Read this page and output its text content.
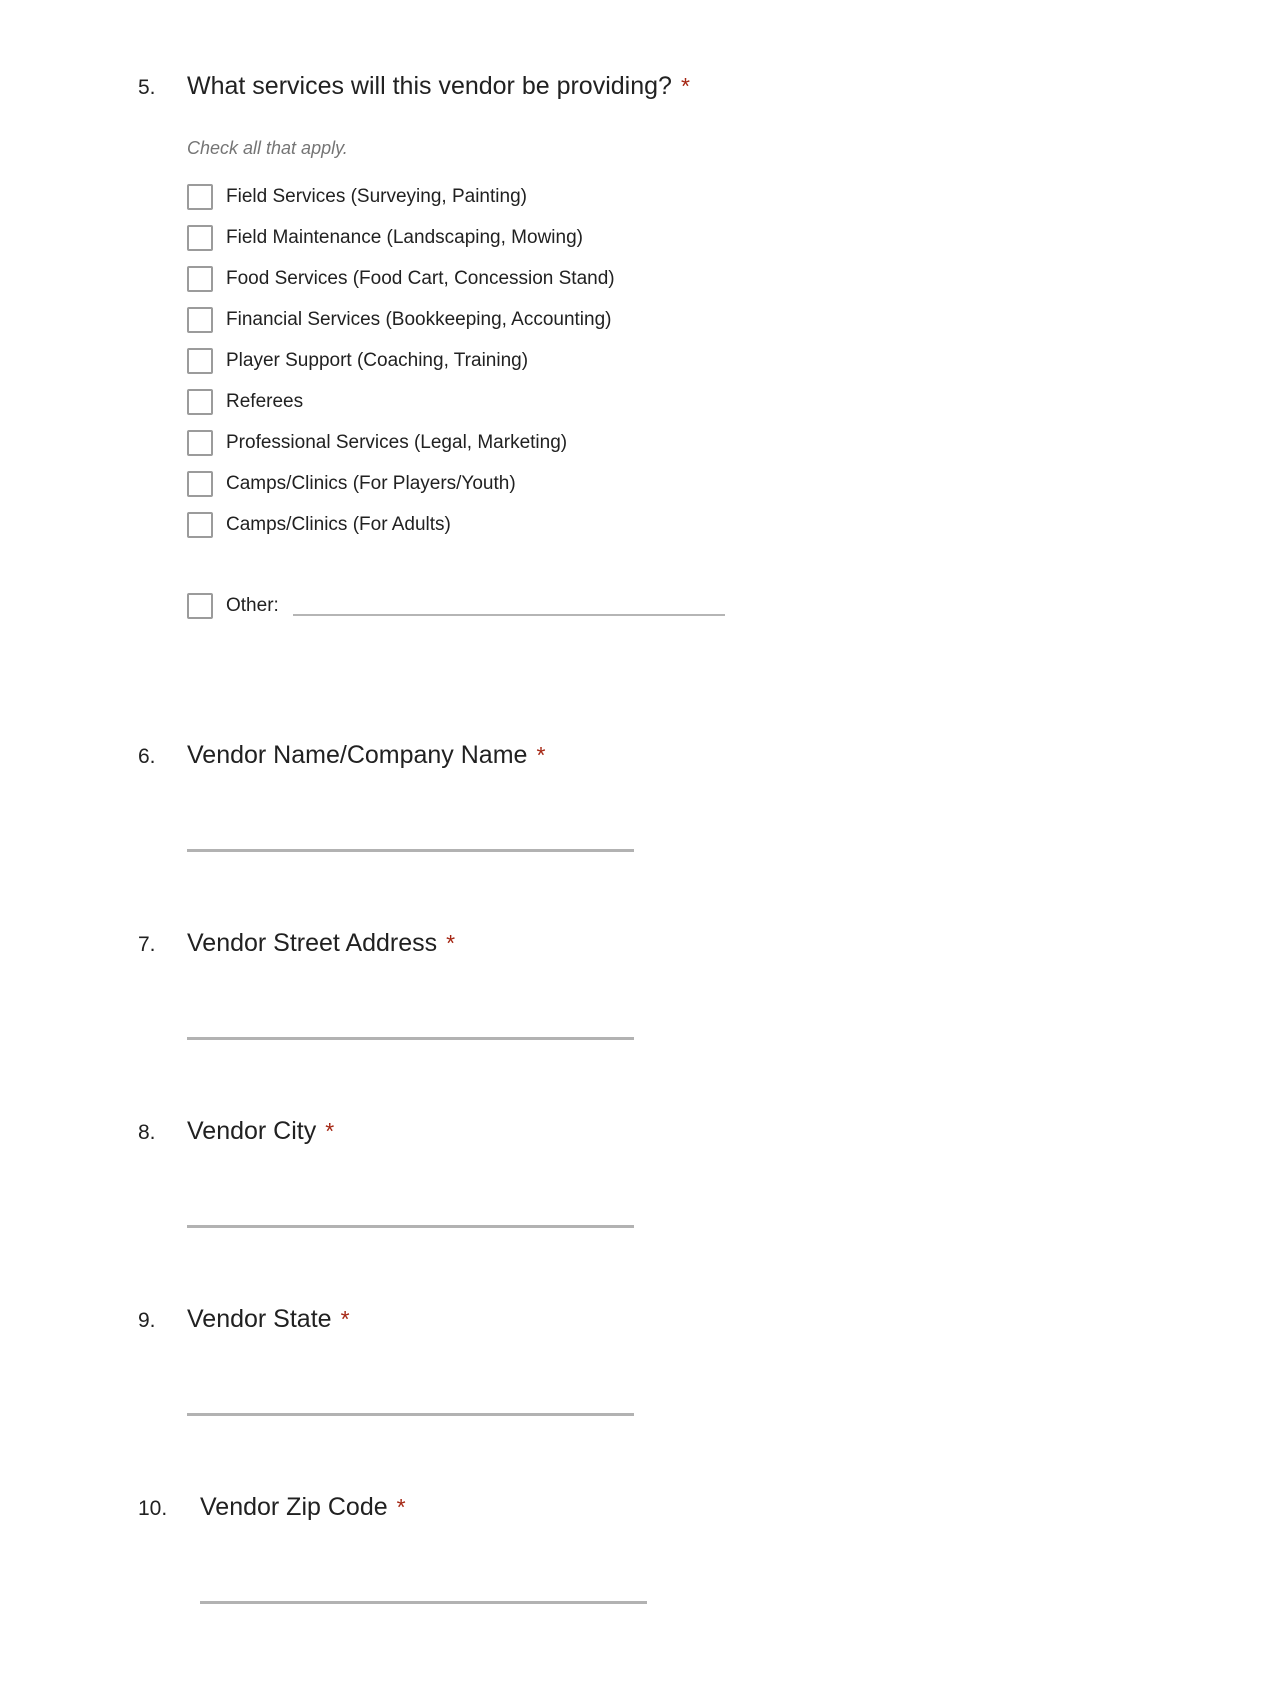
5.	What services will this vendor be providing? *
Check all that apply.
Field Services (Surveying, Painting)
Field Maintenance (Landscaping, Mowing)
Food Services (Food Cart, Concession Stand)
Financial Services (Bookkeeping, Accounting)
Player Support (Coaching, Training)
Referees
Professional Services (Legal, Marketing)
Camps/Clinics (For Players/Youth)
Camps/Clinics (For Adults)
Other:
6.	Vendor Name/Company Name *
7.	Vendor Street Address *
8.	Vendor City *
9.	Vendor State *
10.	Vendor Zip Code *
